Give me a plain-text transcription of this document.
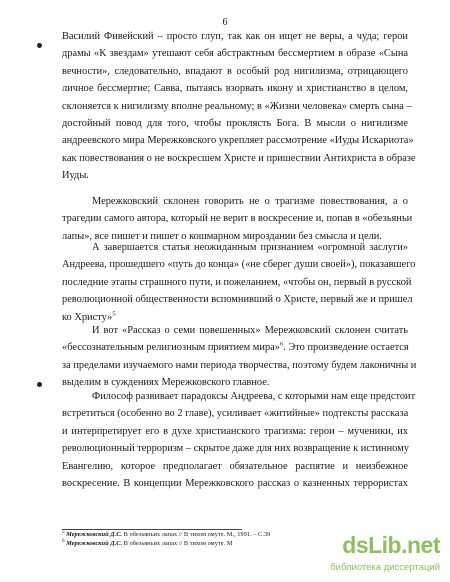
6
Василий Фивейский – просто глуп, так как он ищет не веры, а чуда; герои
драмы «К звездам» утешают себя абстрактным бессмертием в образе «Сына
вечности», следовательно, впадают в особый род нигилизма, отрицающего
личное бессмертие; Савва, пытаясь взорвать икону и христианство в целом,
склоняется к нигилизму вполне реальному; в «Жизни человека» смерть сына –
достойный повод для того, чтобы проклясть Бога. В мысли о нигилизме
андреевского мира Мережковского укрепляет рассмотрение «Иуды Искариота»
как повествования о не воскресшем Христе и пришествии Антихриста в образе
Иуды.
Мережковский склонен говорить не о трагизме повествования, а о
трагедии самого автора, который не верит в воскресение и, попав в «обезьяньи
лапы», все пишет и пишет о кошмарном мироздании без смысла и цели.
А завершается статья неожиданным признанием «огромной заслуги»
Андреева, прошедшего «путь до конца» («не сберег души своей»), показавшего
последние этапы страшного пути, и пожеланием, «чтобы он, первый в русской
революционной общественности вспомнивший о Христе, первый же и пришел
ко Христу»$^5$
И вот «Рассказ о семи повешенных» Мережковский склонен считать
«бессознательным религиозным приятием мира»$^6$. Это произведение остается
за пределами изучаемого нами периода творчества, поэтому будем лаконичны и
выделим в суждениях Мережковского главное.
Философ развивает парадоксы Андреева, с которыми нам еще предстоит
встретиться (особенно во 2 главе), усиливает «житийные» подтексты рассказа
и интерпретирует его в духе христианского трагизма: герои – мученики, их
революционный терроризм – скрытое даже для них возвращение к истинному
Евангелию, которое предполагает обязательное распятие и неизбежное
воскресение. В концепции Мережковского рассказ о казненных террористах
$^5$ Мережковский Д.С. В обезьяньих лапах // В тихом омуте. М., 1991. – С.39
$^6$ Мережковский Д.С. В обезьяньих лапах // В тихом омуте. М	dsLib.net
библиотека диссертаций
